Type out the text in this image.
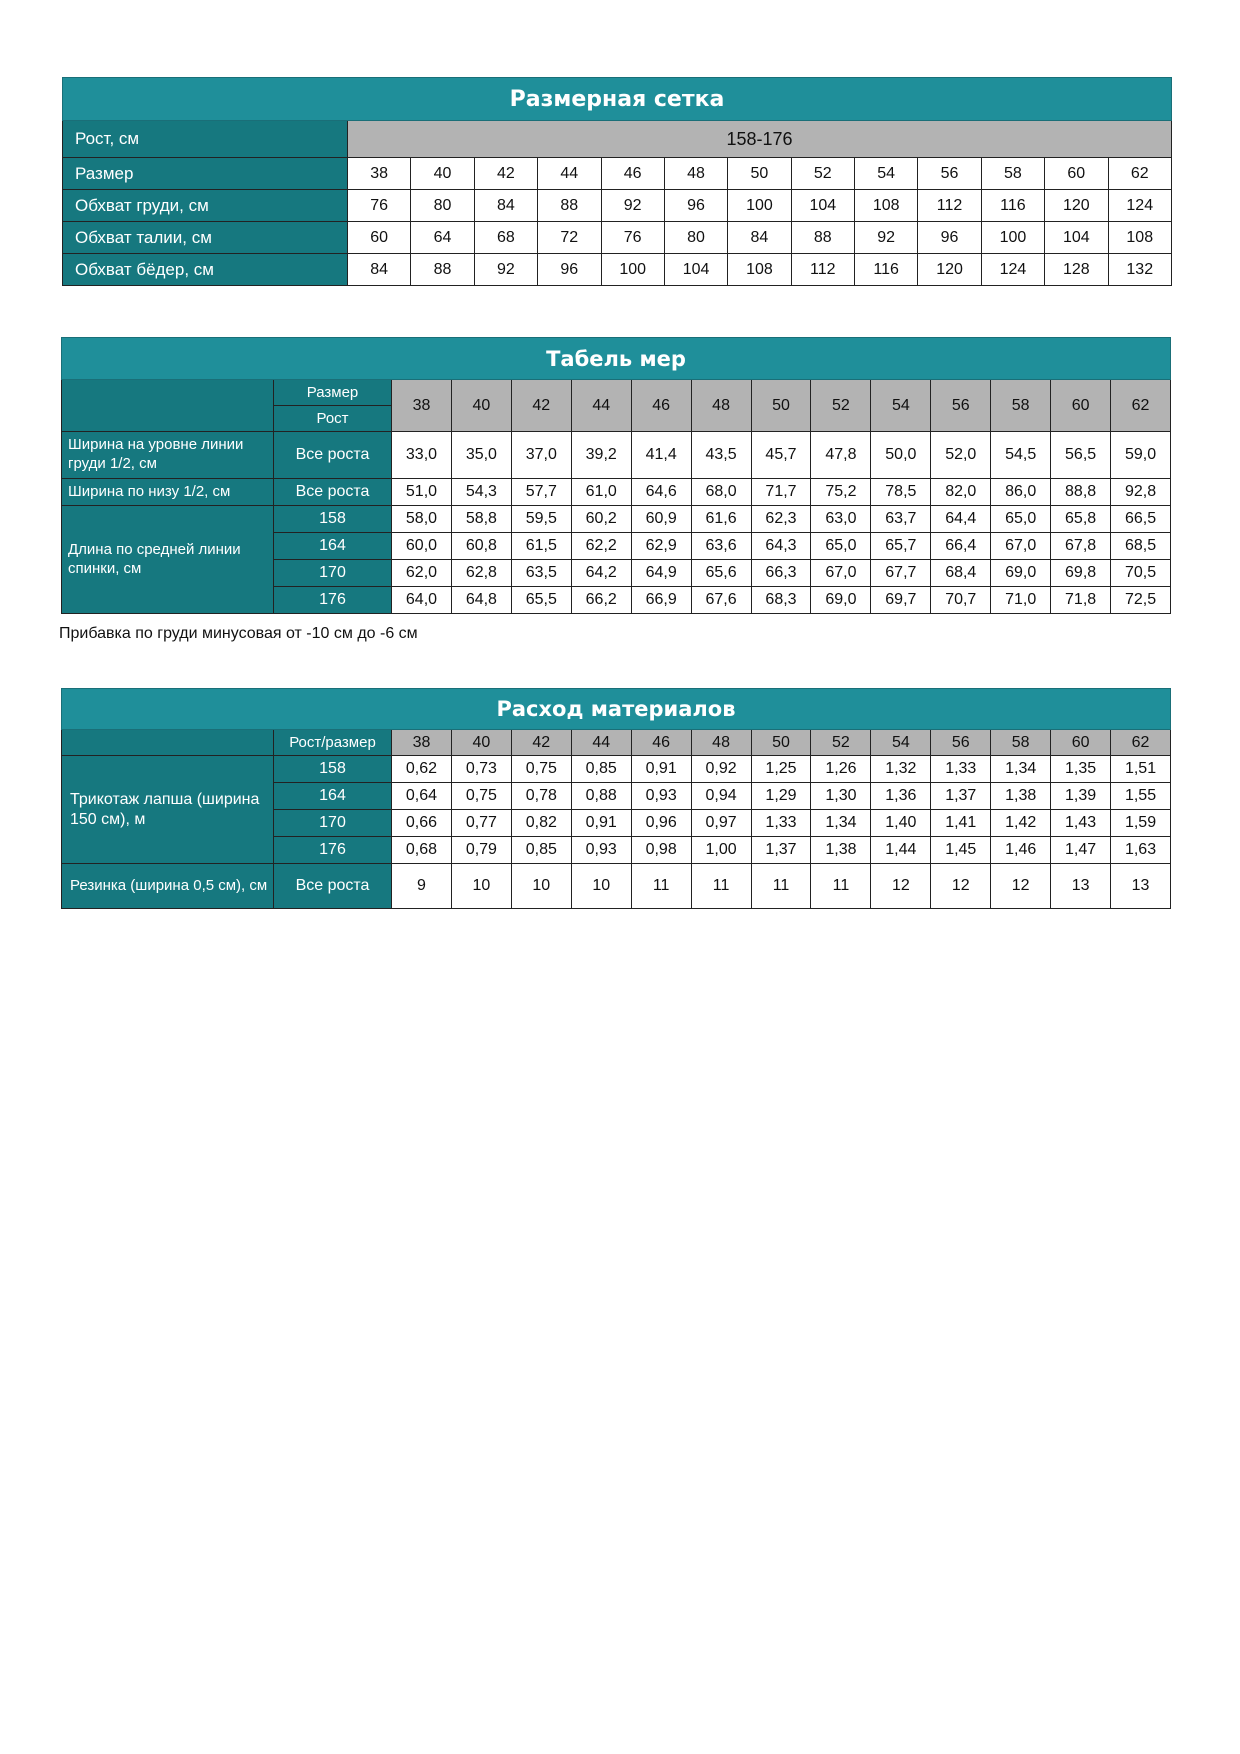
Размерная сетка													
Рост, см	158-176												
Размер	38	40	42	44	46	48	50	52	54	56	58	60	62
Обхват груди, см	76	80	84	88	92	96	100	104	108	112	116	120	124
Обхват талии, см	60	64	68	72	76	80	84	88	92	96	100	104	108
Обхват бёдер, см	84	88	92	96	100	104	108	112	116	120	124	128	132
Табель мер														
	Размер	38	40	42	44	46	48	50	52	54	56	58	60	62
	Рост													
Ширина на уровне линии груди 1/2, см	Все роста	33,0	35,0	37,0	39,2	41,4	43,5	45,7	47,8	50,0	52,0	54,5	56,5	59,0
Ширина по низу 1/2, см	Все роста	51,0	54,3	57,7	61,0	64,6	68,0	71,7	75,2	78,5	82,0	86,0	88,8	92,8
Длина по средней линии спинки, см	158	58,0	58,8	59,5	60,2	60,9	61,6	62,3	63,0	63,7	64,4	65,0	65,8	66,5
	164	60,0	60,8	61,5	62,2	62,9	63,6	64,3	65,0	65,7	66,4	67,0	67,8	68,5
	170	62,0	62,8	63,5	64,2	64,9	65,6	66,3	67,0	67,7	68,4	69,0	69,8	70,5
	176	64,0	64,8	65,5	66,2	66,9	67,6	68,3	69,0	69,7	70,7	71,0	71,8	72,5
Прибавка по груди минусовая от -10 см до -6 см
Расход материалов														
	Рост/размер	38	40	42	44	46	48	50	52	54	56	58	60	62
Трикотаж лапша (ширина 150 см), м	158	0,62	0,73	0,75	0,85	0,91	0,92	1,25	1,26	1,32	1,33	1,34	1,35	1,51
	164	0,64	0,75	0,78	0,88	0,93	0,94	1,29	1,30	1,36	1,37	1,38	1,39	1,55
	170	0,66	0,77	0,82	0,91	0,96	0,97	1,33	1,34	1,40	1,41	1,42	1,43	1,59
	176	0,68	0,79	0,85	0,93	0,98	1,00	1,37	1,38	1,44	1,45	1,46	1,47	1,63
Резинка (ширина 0,5 см), см	Все роста	9	10	10	10	11	11	11	11	12	12	12	13	13
